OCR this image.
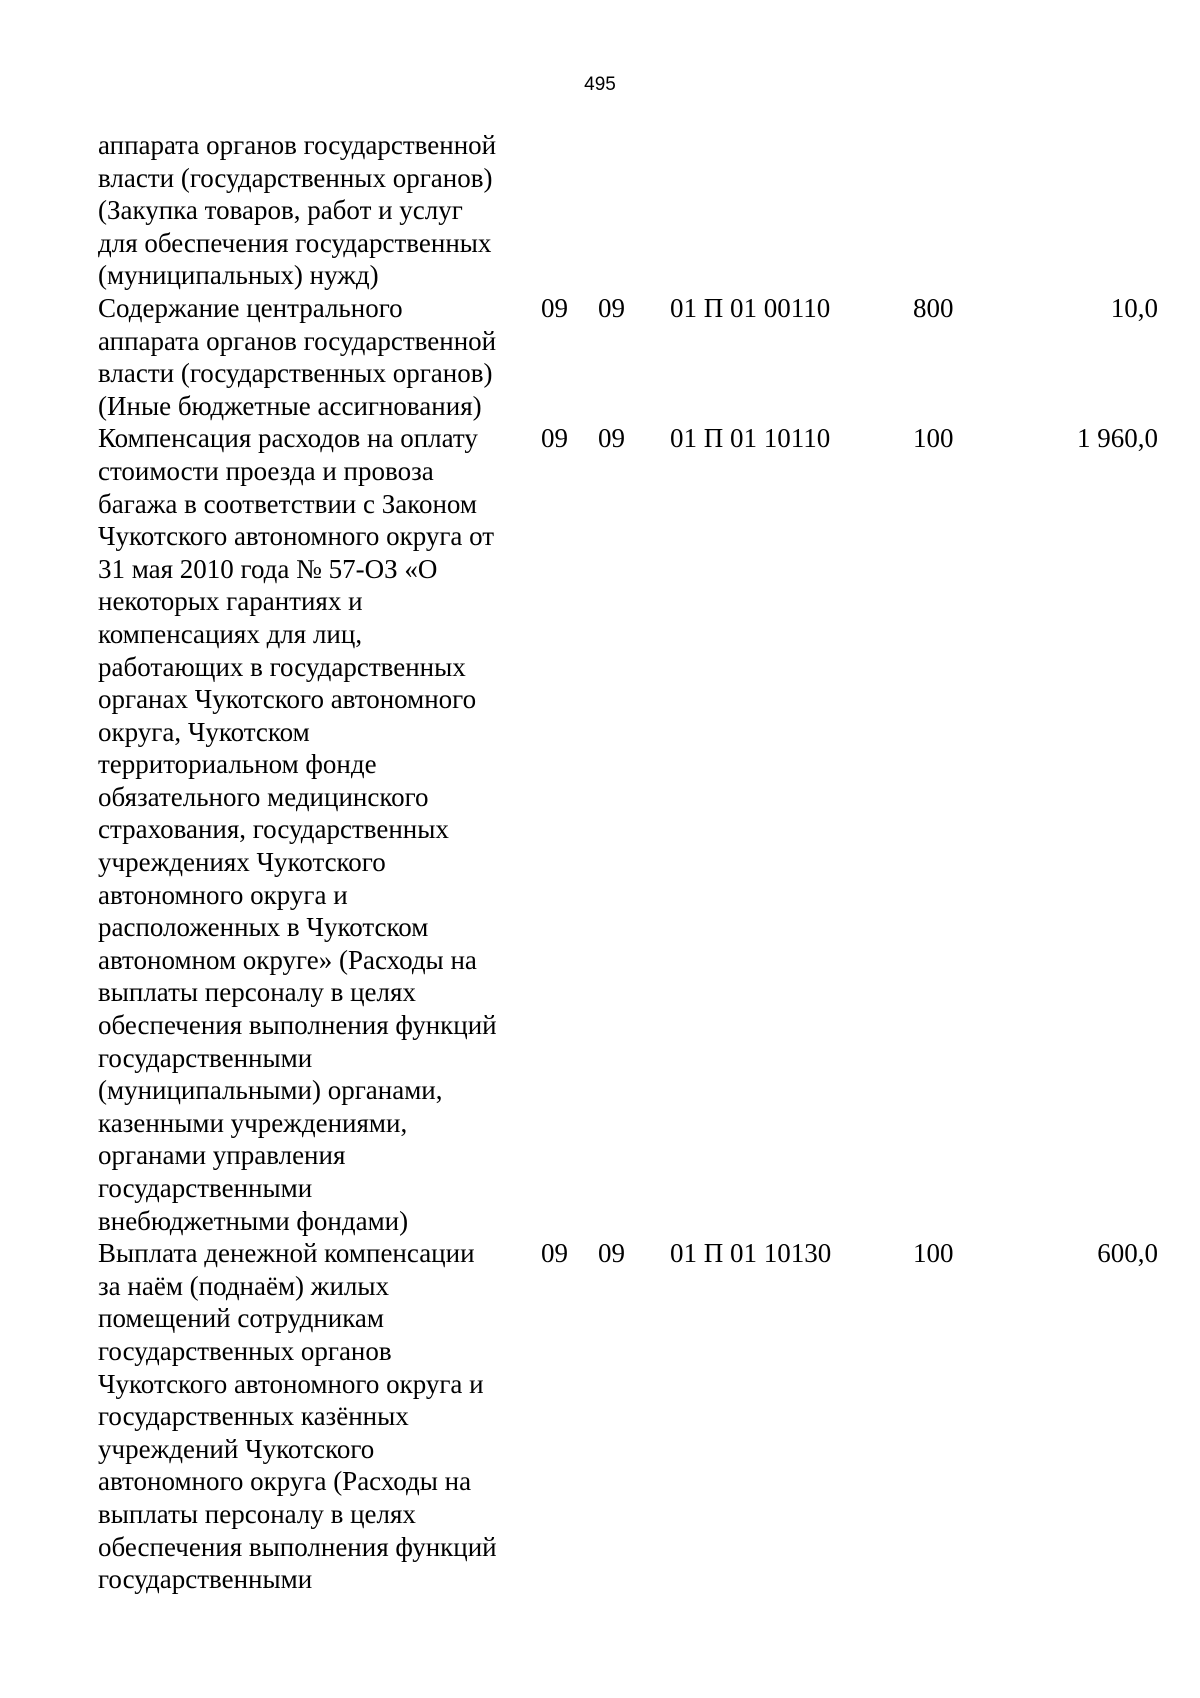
495
аппарата органов государственной
власти (государственных органов)
(Закупка товаров, работ и услуг
для обеспечения государственных
(муниципальных) нужд)
Содержание центрального
аппарата органов государственной
власти (государственных органов)
(Иные бюджетные ассигнования)
09 09 01 П 01 00110	800	10,0
Компенсация расходов на оплату
стоимости проезда и провоза
багажа в соответствии с Законом
Чукотского автономного округа от
31 мая 2010 года № 57-ОЗ «О
некоторых гарантиях и
компенсациях для лиц,
работающих в государственных
органах Чукотского автономного
округа, Чукотском
территориальном фонде
обязательного медицинского
страхования, государственных
учреждениях Чукотского
автономного округа и
расположенных в Чукотском
автономном округе» (Расходы на
выплаты персоналу в целях
обеспечения выполнения функций
государственными
(муниципальными) органами,
казенными учреждениями,
органами управления
государственными
внебюджетными фондами)
09 09 01 П 01 10110	100	1 960,0
Выплата денежной компенсации
за наём (поднаём) жилых
помещений сотрудникам
государственных органов
Чукотского автономного округа и
государственных казённых
учреждений Чукотского
автономного округа (Расходы на
выплаты персоналу в целях
обеспечения выполнения функций
государственными
09 09 01 П 01 10130	100	600,0
